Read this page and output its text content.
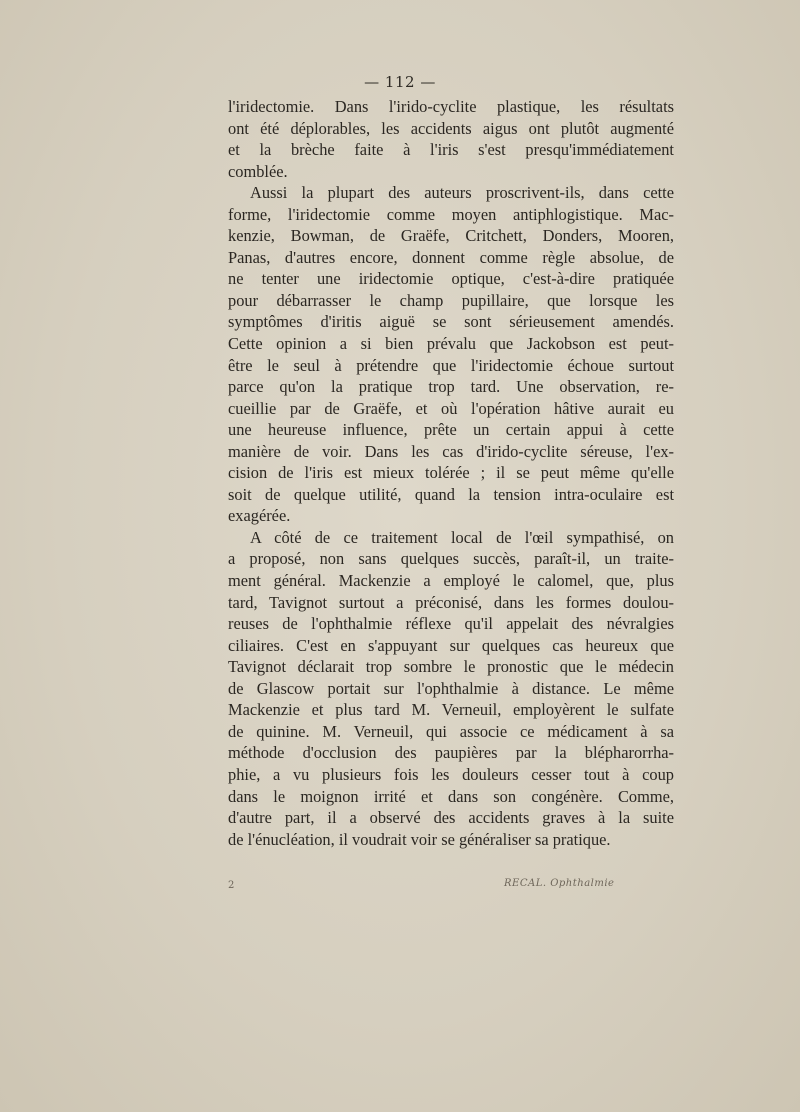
— 112 —
l'iridectomie. Dans l'irido-cyclite plastique, les résultats
ont été déplorables, les accidents aigus ont plutôt augmenté
et la brèche faite à l'iris s'est presqu'immédiatement
comblée.
Aussi la plupart des auteurs proscrivent-ils, dans cette
forme, l'iridectomie comme moyen antiphlogistique. Mac-
kenzie, Bowman, de Graëfe, Critchett, Donders, Mooren,
Panas, d'autres encore, donnent comme règle absolue, de
ne tenter une iridectomie optique, c'est-à-dire pratiquée
pour débarrasser le champ pupillaire, que lorsque les
symptômes d'iritis aiguë se sont sérieusement amendés.
Cette opinion a si bien prévalu que Jackobson est peut-
être le seul à prétendre que l'iridectomie échoue surtout
parce qu'on la pratique trop tard. Une observation, re-
cueillie par de Graëfe, et où l'opération hâtive aurait eu
une heureuse influence, prête un certain appui à cette
manière de voir. Dans les cas d'irido-cyclite séreuse, l'ex-
cision de l'iris est mieux tolérée ; il se peut même qu'elle
soit de quelque utilité, quand la tension intra-oculaire est
exagérée.
A côté de ce traitement local de l'œil sympathisé, on
a proposé, non sans quelques succès, paraît-il, un traite-
ment général. Mackenzie a employé le calomel, que, plus
tard, Tavignot surtout a préconisé, dans les formes doulou-
reuses de l'ophthalmie réflexe qu'il appelait des névralgies
ciliaires. C'est en s'appuyant sur quelques cas heureux que
Tavignot déclarait trop sombre le pronostic que le médecin
de Glascow portait sur l'ophthalmie à distance. Le même
Mackenzie et plus tard M. Verneuil, employèrent le sulfate
de quinine. M. Verneuil, qui associe ce médicament à sa
méthode d'occlusion des paupières par la blépharorrha-
phie, a vu plusieurs fois les douleurs cesser tout à coup
dans le moignon irrité et dans son congénère. Comme,
d'autre part, il a observé des accidents graves à la suite
de l'énucléation, il voudrait voir se généraliser sa pratique.
2	RECAL. Ophthalmie
